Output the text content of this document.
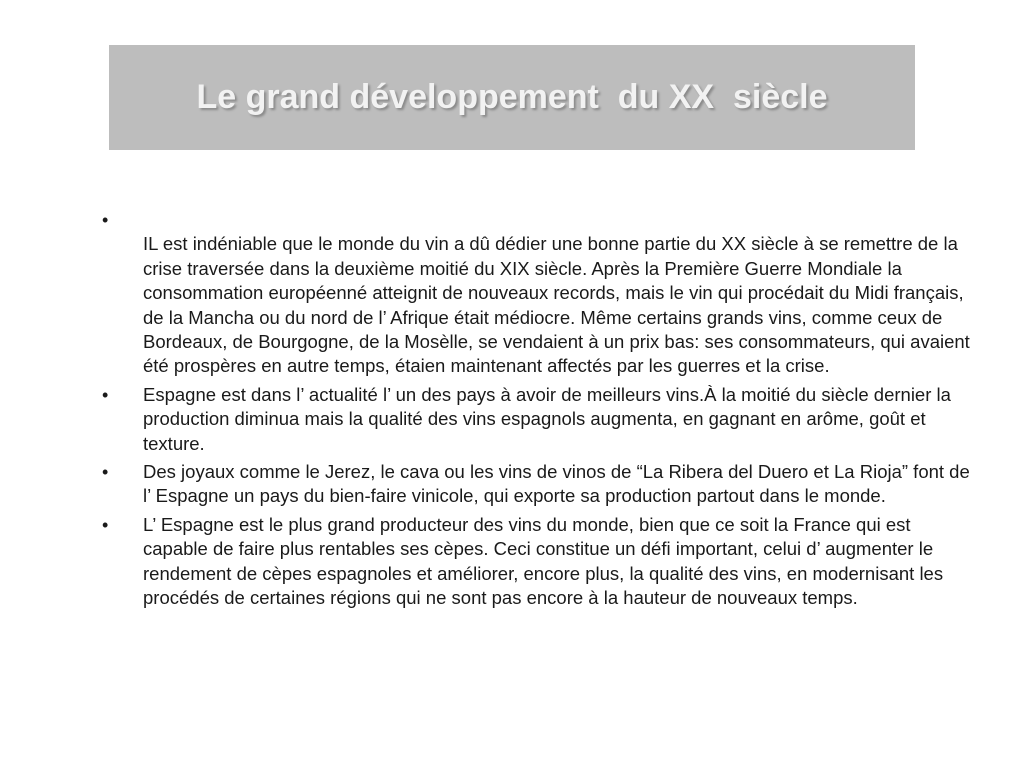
Le grand développement  du XX  siècle
•
IL est indéniable que le monde du vin a dû dédier une bonne partie du XX siècle à se remettre de la crise traversée dans la deuxième moitié du XIX siècle. Après la Première Guerre Mondiale la consommation européenné atteignit de nouveaux records, mais le vin qui procédait du Midi français, de la Mancha ou du nord de l’ Afrique était médiocre. Même certains grands vins, comme ceux de Bordeaux, de Bourgogne, de la Mosèlle, se vendaient à un prix bas: ses consommateurs, qui avaient été prospères en autre temps, étaien maintenant affectés par les guerres et la crise.
•	Espagne est dans l’ actualité l’ un des pays à avoir de meilleurs vins.À la moitié du siècle dernier la production diminua mais la qualité des vins espagnols augmenta, en gagnant en arôme, goût et texture.
•	Des joyaux comme le Jerez, le cava ou les vins de vinos de “La Ribera del Duero et La Rioja” font de l’ Espagne un pays du bien-faire vinicole, qui exporte sa production partout dans le monde.
•	L’ Espagne est le plus grand producteur des vins du monde, bien que ce soit la France qui est capable de faire plus rentables ses cèpes. Ceci constitue un défi important, celui d’ augmenter le rendement de cèpes espagnoles et améliorer, encore plus, la qualité des vins, en modernisant les procédés de certaines régions qui ne sont pas encore à la hauteur de nouveaux temps.
